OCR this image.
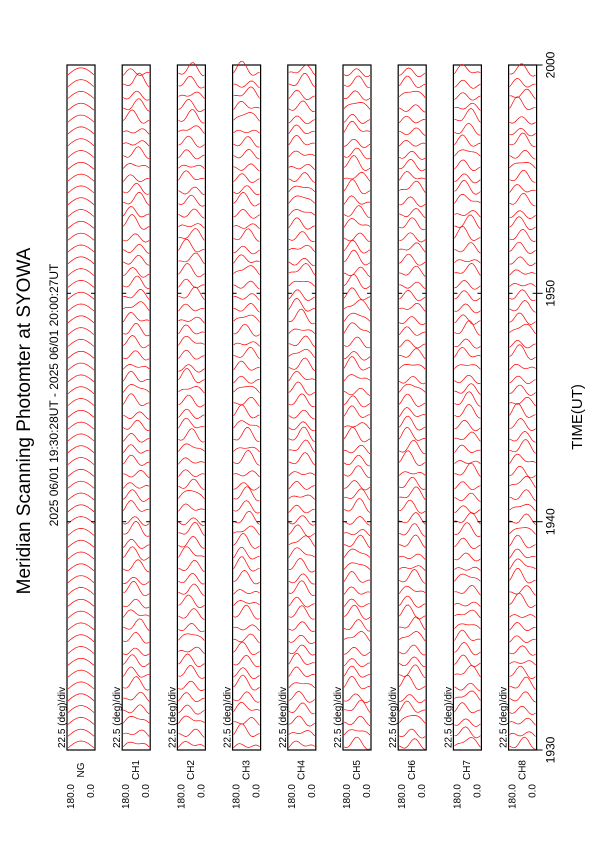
180.0 0.0
NG
22.5 (deg)/div
180.0 0.0
CH1
22.5 (deg)/div
180.0 0.0
CH2
22.5 (deg)/div
180.0 0.0
CH3
22.5 (deg)/div
180.0 0.0
CH4
22.5 (deg)/div
180.0 0.0
CH5
22.5 (deg)/div
180.0 0.0
CH6
22.5 (deg)/div
180.0 0.0
CH7
22.5 (deg)/div
180.0 0.0
CH8
22.5 (deg)/div
1930
1940
1950
2000
Meridian Scanning Photomter at SYOWA 2025 06/01 19:30:28UT - 2025 06/01 20:00:27UT	TIME(UT)
